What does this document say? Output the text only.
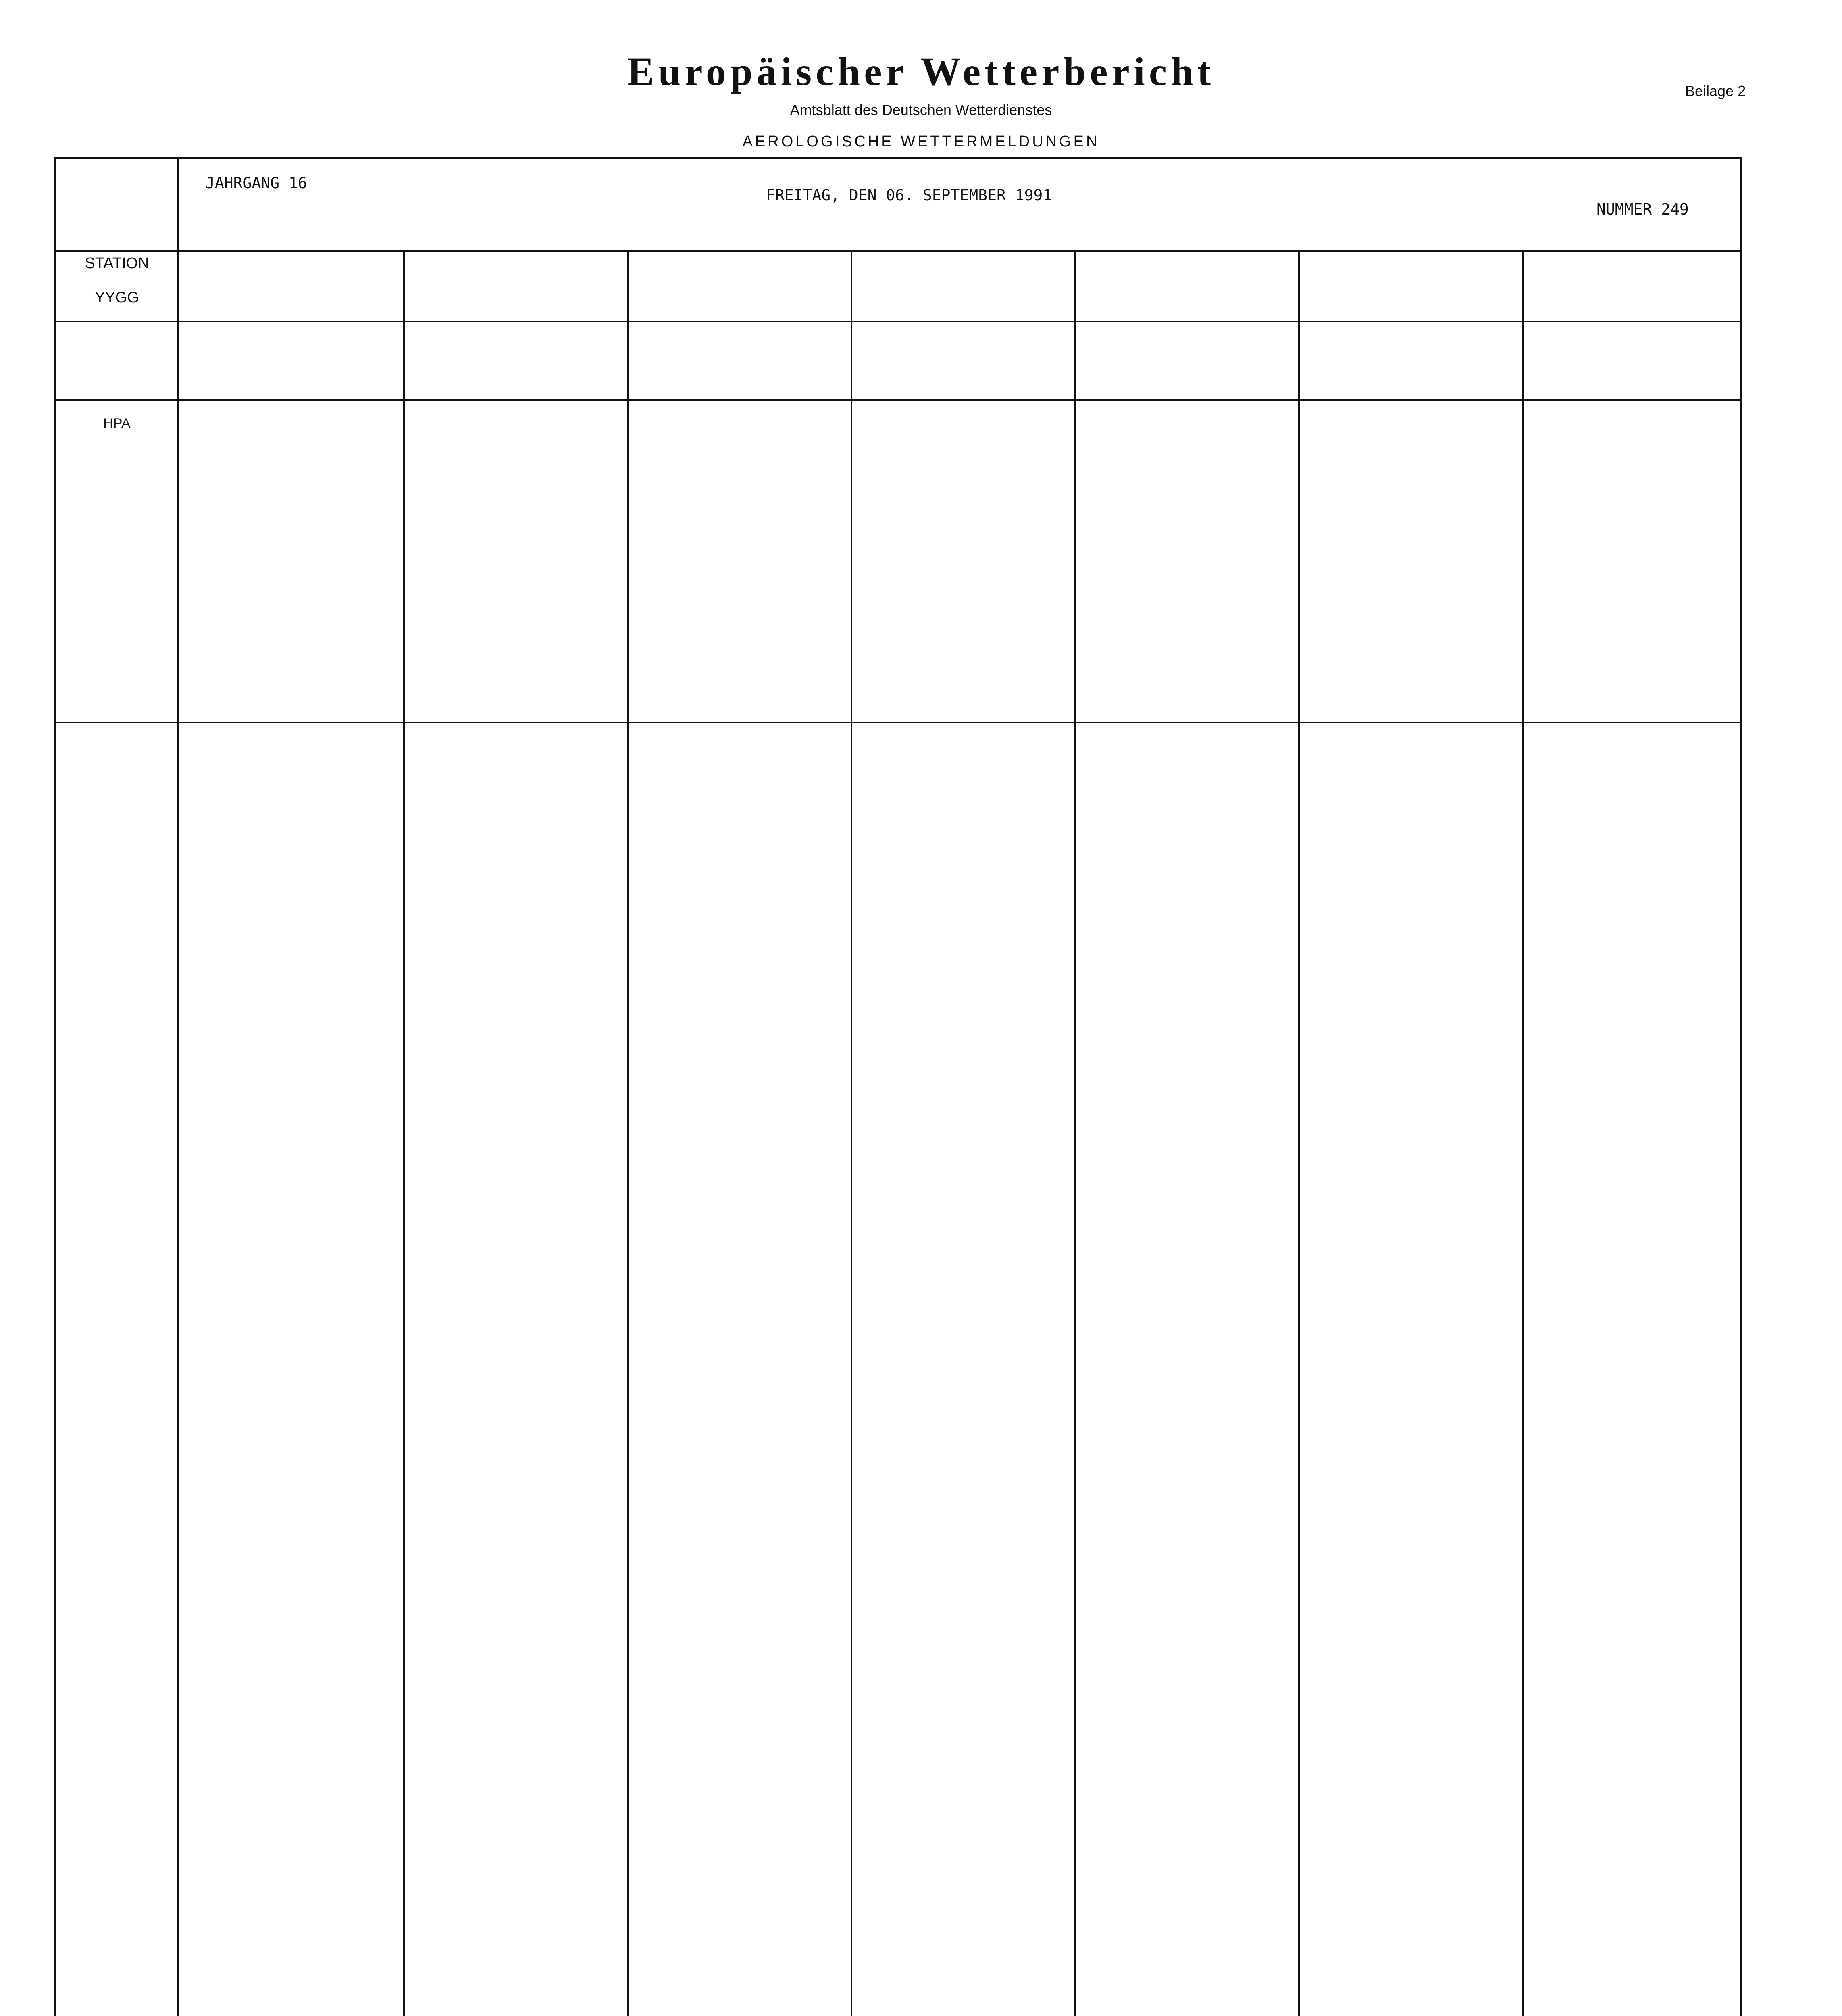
Europäischer Wetterbericht
Amtsblatt des Deutschen Wetterdienstes
AEROLOGISCHE WETTERMELDUNGEN
Beilage 2
JAHRGANG 16
FREITAG, DEN 06. SEPTEMBER 1991
NUMMER 249
STATION
YYGG
HPA
